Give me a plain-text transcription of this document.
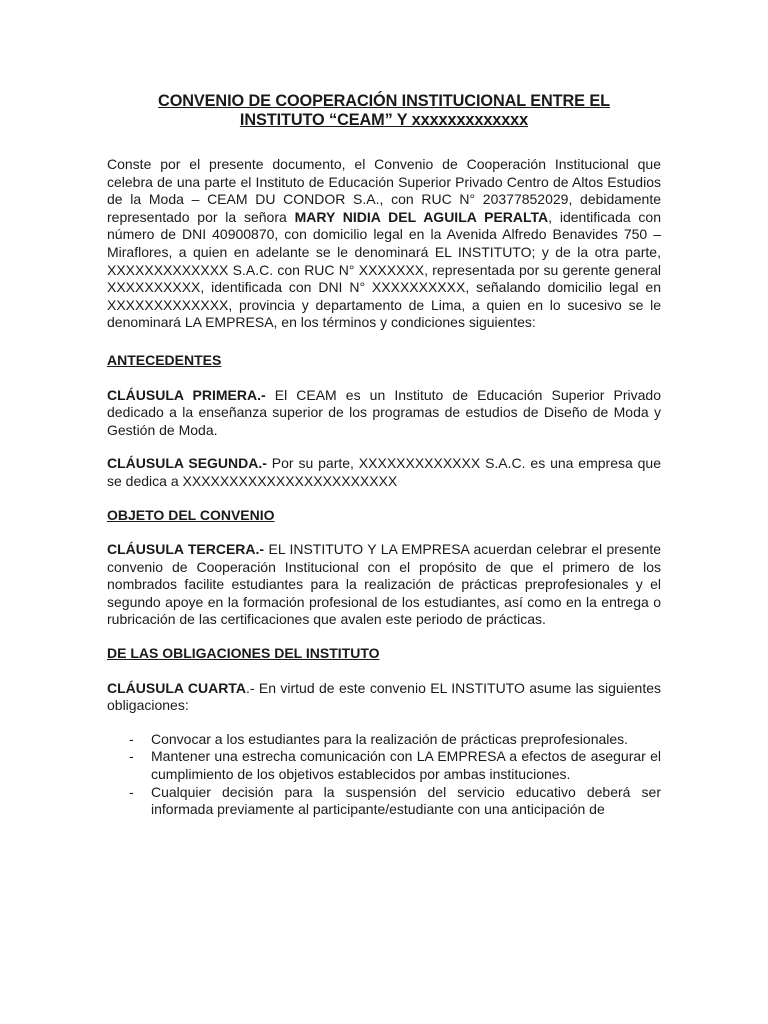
CONVENIO DE COOPERACIÓN INSTITUCIONAL ENTRE EL
INSTITUTO “CEAM” Y xxxxxxxxxxxxx

Conste por el presente documento, el Convenio de Cooperación Institucional que celebra de una parte el Instituto de Educación Superior Privado Centro de Altos Estudios de la Moda – CEAM DU CONDOR S.A., con RUC N° 20377852029, debidamente representado por la señora MARY NIDIA DEL AGUILA PERALTA, identificada con número de DNI 40900870, con domicilio legal en la Avenida Alfredo Benavides 750 – Miraflores, a quien en adelante se le denominará EL INSTITUTO; y de la otra parte, XXXXXXXXXXXXX S.A.C. con RUC N° XXXXXXX, representada por su gerente general XXXXXXXXXX, identificada con DNI N° XXXXXXXXXX, señalando domicilio legal en XXXXXXXXXXXXX, provincia y departamento de Lima, a quien en lo sucesivo se le denominará LA EMPRESA, en los términos y condiciones siguientes:

ANTECEDENTES

CLÁUSULA PRIMERA.- El CEAM es un Instituto de Educación Superior Privado dedicado a la enseñanza superior de los programas de estudios de Diseño de Moda y Gestión de Moda.

CLÁUSULA SEGUNDA.- Por su parte, XXXXXXXXXXXXX S.A.C. es una empresa que se dedica a XXXXXXXXXXXXXXXXXXXXXXX

OBJETO DEL CONVENIO

CLÁUSULA TERCERA.- EL INSTITUTO Y LA EMPRESA acuerdan celebrar el presente convenio de Cooperación Institucional con el propósito de que el primero de los nombrados facilite estudiantes para la realización de prácticas preprofesionales y el segundo apoye en la formación profesional de los estudiantes, así como en la entrega o rubricación de las certificaciones que avalen este periodo de prácticas.

DE LAS OBLIGACIONES DEL INSTITUTO

CLÁUSULA CUARTA.- En virtud de este convenio EL INSTITUTO asume las siguientes obligaciones:

- Convocar a los estudiantes para la realización de prácticas preprofesionales.
- Mantener una estrecha comunicación con LA EMPRESA a efectos de asegurar el cumplimiento de los objetivos establecidos por ambas instituciones.
- Cualquier decisión para la suspensión del servicio educativo deberá ser informada previamente al participante/estudiante con una anticipación de
